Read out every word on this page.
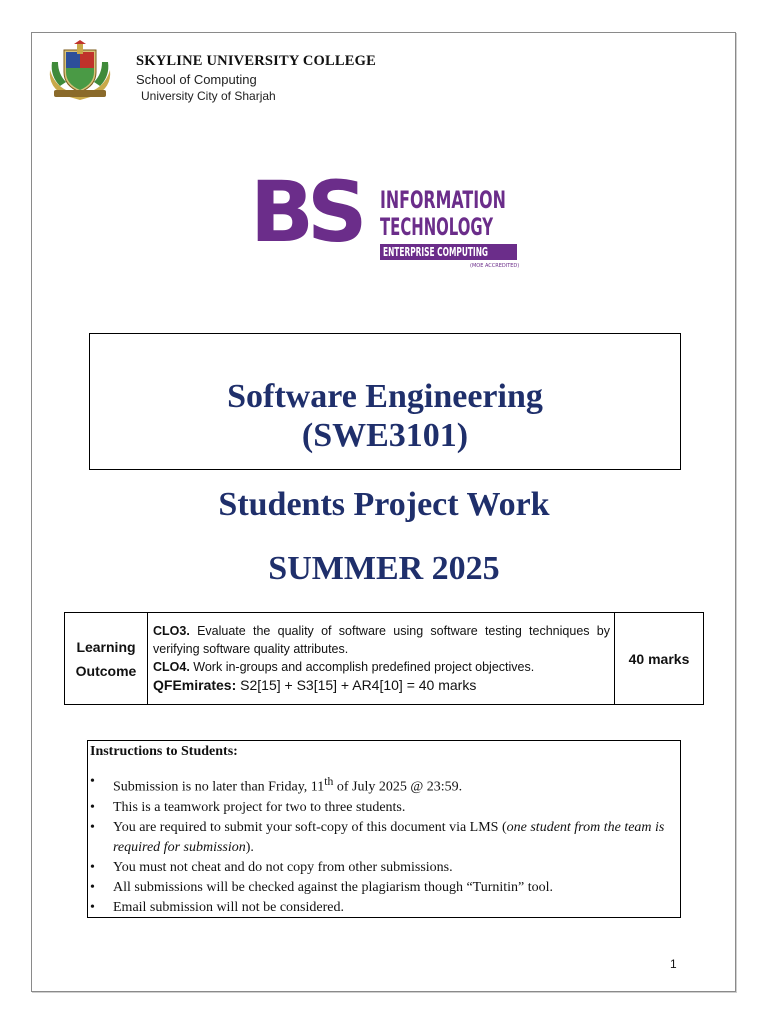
SKYLINE UNIVERSITY COLLEGE
School of Computing
University City of Sharjah
BS INFORMATION
TECHNOLOGY
ENTERPRISE COMPUTING
(MOE ACCREDITED)
Software Engineering
(SWE3101)
Students Project Work
SUMMER 2025
Learning
Outcome	CLO3. Evaluate the quality of software using software testing techniques by verifying software quality attributes.
CLO4. Work in-groups and accomplish predefined project objectives.
QFEmirates: S2[15] + S3[15] + AR4[10] = 40 marks	40 marks
Instructions to Students:
• Submission is no later than Friday, 11th of July 2025 @ 23:59.
• This is a teamwork project for two to three students.
• You are required to submit your soft-copy of this document via LMS (one student from the team is required for submission).
• You must not cheat and do not copy from other submissions.
• All submissions will be checked against the plagiarism though “Turnitin” tool.
• Email submission will not be considered.
1
